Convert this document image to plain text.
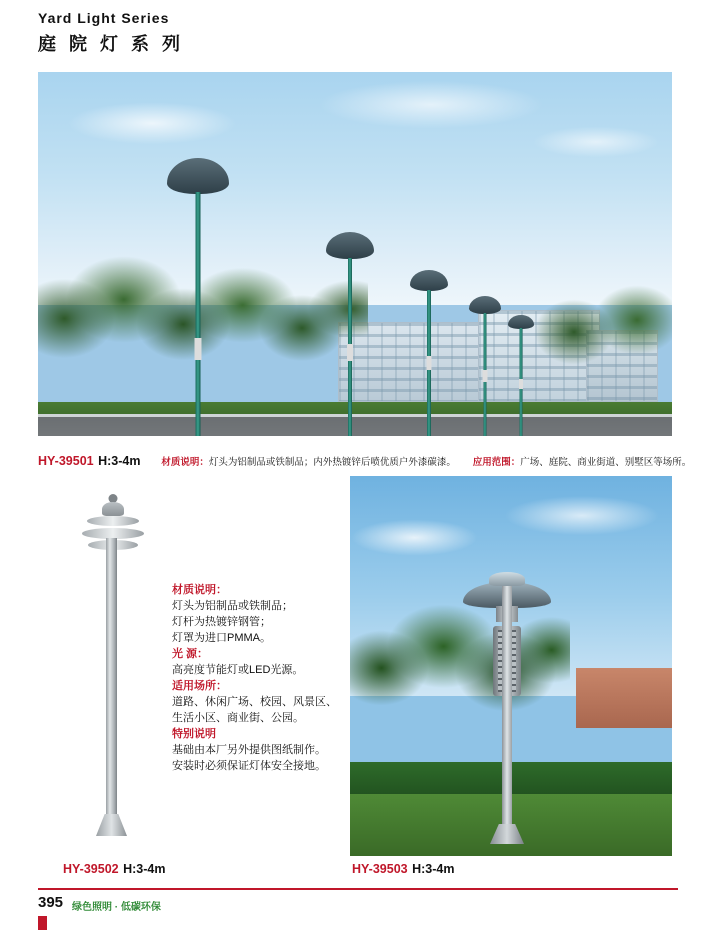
Yard Light Series
庭 院 灯 系 列
HY-39501 H:3-4m 材质说明：灯头为铝制品或铁制品；内外热镀锌后喷优质户外漆碳漆。 应用范围：广场、庭院、商业街道、别墅区等场所。
材质说明：
灯头为铝制品或铁制品；
灯杆为热镀锌钢管；
灯罩为进口PMMA。
光 源：
高亮度节能灯或LED光源。
适用场所：
道路、休闲广场、校园、风景区、
生活小区、商业街、公园。
特别说明
基础由本厂另外提供图纸制作。
安装时必须保证灯体安全接地。
HY-39502 H:3-4m	HY-39503 H:3-4m
395 绿色照明 · 低碳环保
